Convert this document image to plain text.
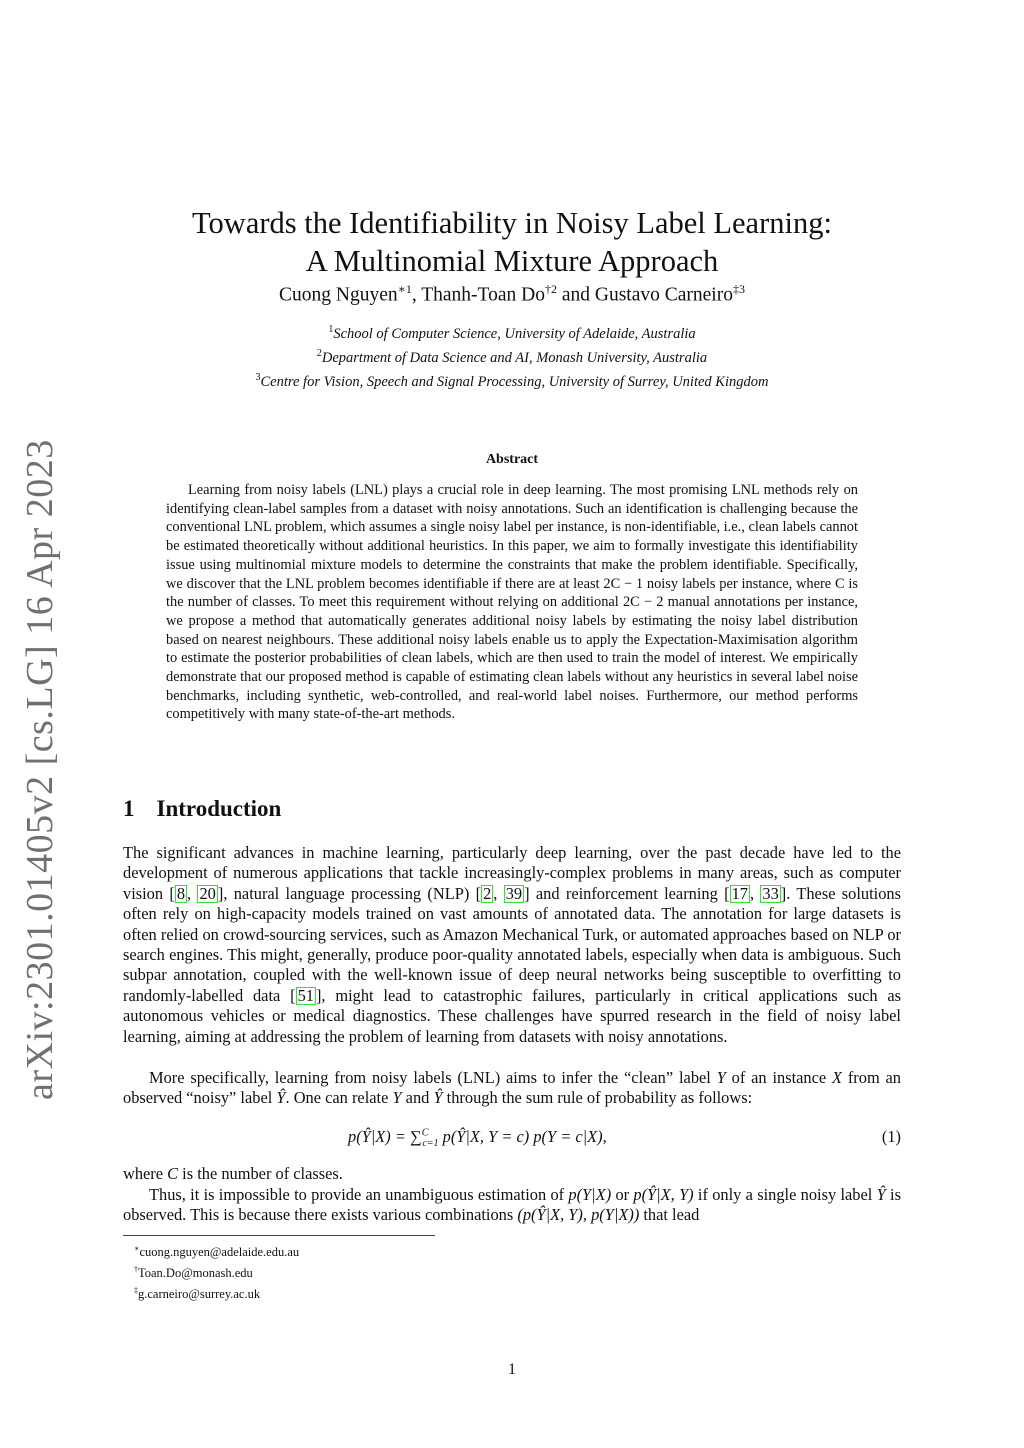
arXiv:2301.01405v2 [cs.LG] 16 Apr 2023
Towards the Identifiability in Noisy Label Learning:
A Multinomial Mixture Approach
Cuong Nguyen$^{∗1}$, Thanh-Toan Do$^{\dagger 2}$ and Gustavo Carneiro$^{\ddagger 3}$
$^1$School of Computer Science, University of Adelaide, Australia
$^2$Department of Data Science and AI, Monash University, Australia
$^3$Centre for Vision, Speech and Signal Processing, University of Surrey, United Kingdom
Abstract

Learning from noisy labels (LNL) plays a crucial role in deep learning. The most promising LNL methods rely on identifying clean-label samples from a dataset with noisy annotations. Such an identification is challenging because the conventional LNL problem, which assumes a single noisy label per instance, is non-identifiable, i.e., clean labels cannot be estimated theoretically without additional heuristics. In this paper, we aim to formally investigate this identifiability issue using multinomial mixture models to determine the constraints that make the problem identifiable. Specifically, we discover that the LNL problem becomes identifiable if there are at least 2C − 1 noisy labels per instance, where C is the number of classes. To meet this requirement without relying on additional 2C − 2 manual annotations per instance, we propose a method that automatically generates additional noisy labels by estimating the noisy label distribution based on nearest neighbours. These additional noisy labels enable us to apply the Expectation-Maximisation algorithm to estimate the posterior probabilities of clean labels, which are then used to train the model of interest. We empirically demonstrate that our proposed method is capable of estimating clean labels without any heuristics in several label noise benchmarks, including synthetic, web-controlled, and real-world label noises. Furthermore, our method performs competitively with many state-of-the-art methods.

1 Introduction

The significant advances in machine learning, particularly deep learning, over the past decade have led to the development of numerous applications that tackle increasingly-complex problems in many areas, such as computer vision [ 8 , 20 ], natural language processing (NLP) [ 2 , 39 ] and reinforcement learning [ 17 , 33 ]. These solutions often rely on high-capacity models trained on vast amounts of annotated data. The annotation for large datasets is often relied on crowd-sourcing services, such as Amazon Mechanical Turk, or automated approaches based on NLP or search engines. This might, generally, produce poor-quality annotated labels, especially when data is ambiguous. Such subpar annotation, coupled with the well-known issue of deep neural networks being susceptible to overfitting to randomly-labelled data [ 51 ], might lead to catastrophic failures, particularly in critical applications such as autonomous vehicles or medical diagnostics. These challenges have spurred research in the field of noisy label learning, aiming at addressing the problem of learning from datasets with noisy annotations.

More specifically, learning from noisy labels (LNL) aims to infer the “clean” label Y of an instance X from an observed “noisy” label Ŷ. One can relate Y and Ŷ through the sum rule of probability as follows:

p(Ŷ|X) = ∑$^C_{c=1}$ p(Ŷ|X, Y = c) p(Y = c|X),	(1)

where C is the number of classes.

Thus, it is impossible to provide an unambiguous estimation of p(Y|X) or p(Ŷ|X, Y) if only a single noisy label Ŷ is observed. This is because there exists various combinations (p(Ŷ|X, Y), p(Y|X)) that lead

∗cuong.nguyen@adelaide.edu.au
†Toan.Do@monash.edu
‡g.carneiro@surrey.ac.uk
1
